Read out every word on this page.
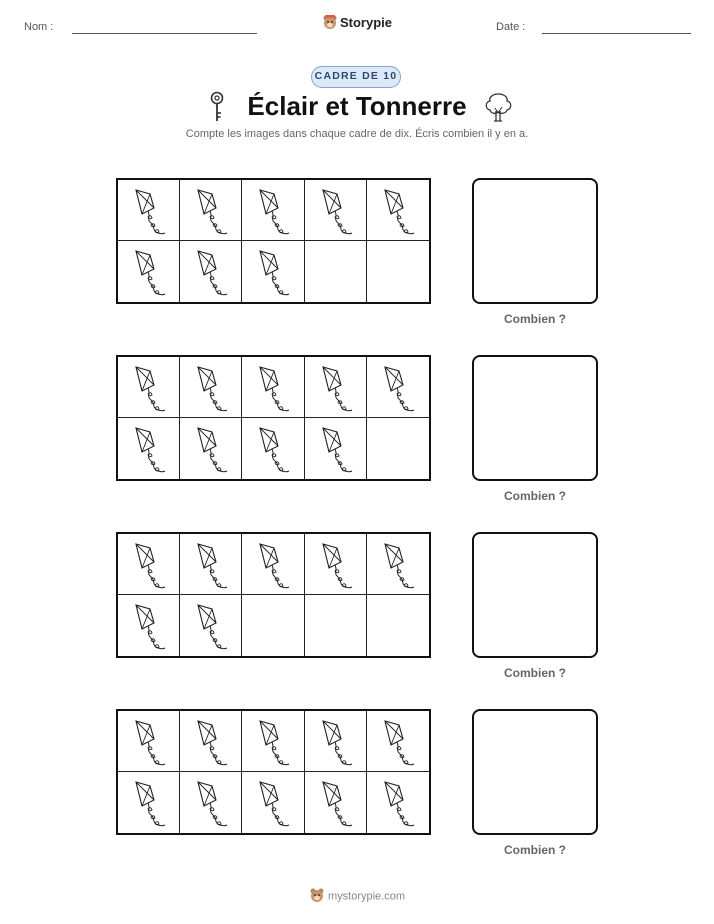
Nom :	Storypie	Date :
CADRE DE 10
Éclair et Tonnerre
Compte les images dans chaque cadre de dix. Écris combien il y en a.
Combien ?
Combien ?
Combien ?
Combien ?
mystorypie.com
